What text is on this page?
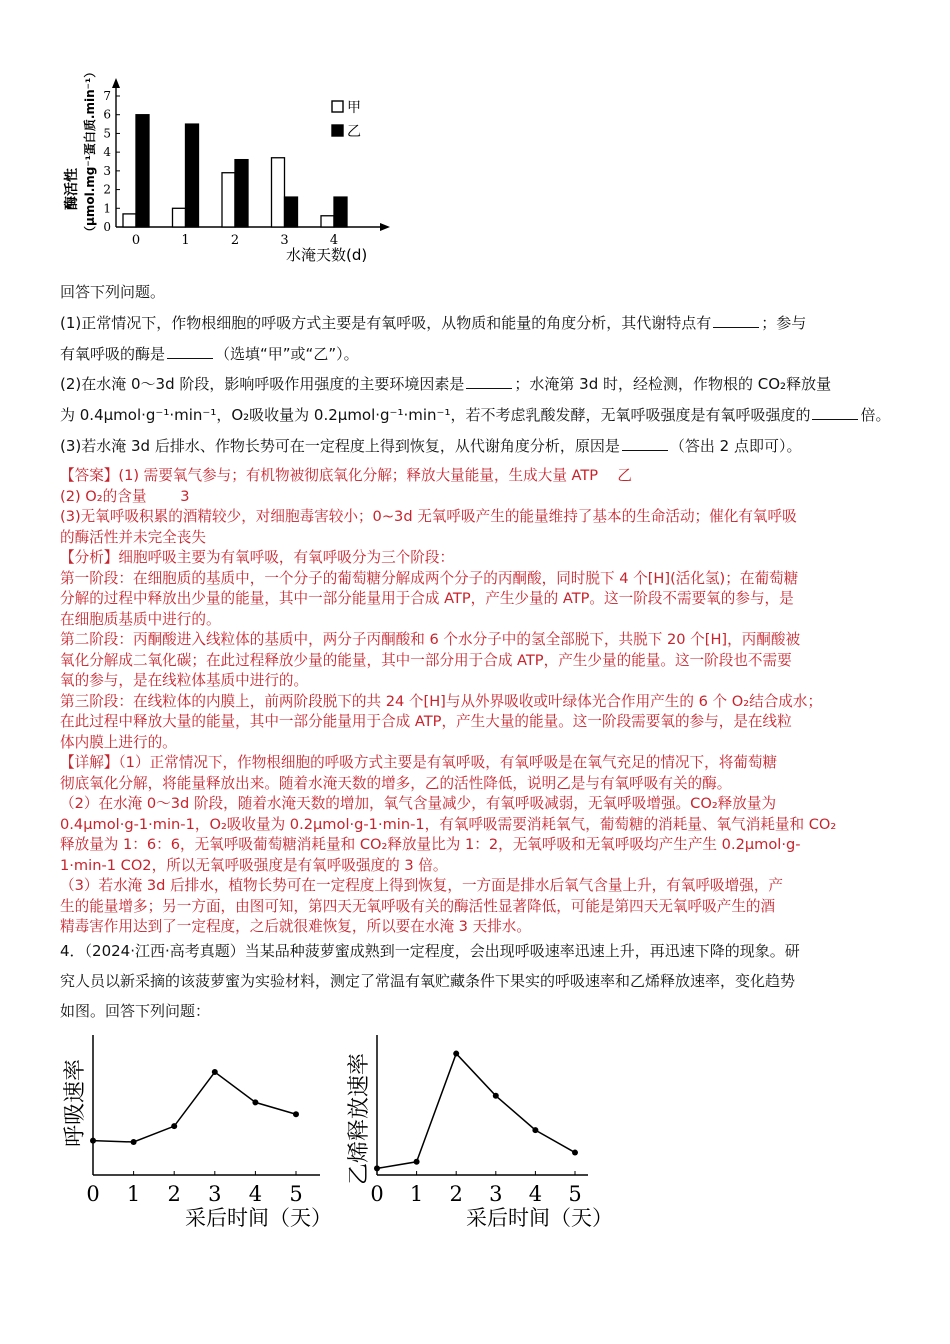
酶活性 （μmol.mg⁻¹蛋白质.min⁻¹） 0
1
2
3
4
5
6
7
0	1	2	3	4
水淹天数(d)
甲
乙
回答下列问题。
(1)正常情况下，作物根细胞的呼吸方式主要是有氧呼吸，从物质和能量的角度分析，其代谢特点有	；参与
有氧呼吸的酶是	（选填“甲”或“乙”）。
(2)在水淹 0～3d 阶段，影响呼吸作用强度的主要环境因素是	；水淹第 3d 时，经检测，作物根的 CO₂释放量
为 0.4μmol·g⁻¹·min⁻¹，O₂吸收量为 0.2μmol·g⁻¹·min⁻¹，若不考虑乳酸发酵，无氧呼吸强度是有氧呼吸强度的	倍。
(3)若水淹 3d 后排水、作物长势可在一定程度上得到恢复，从代谢角度分析，原因是	（答出 2 点即可）。
【答案】(1) 需要氧气参与；有机物被彻底氧化分解；释放大量能量，生成大量 ATP　 乙
(2) O₂的含量　　 3
(3)无氧呼吸积累的酒精较少，对细胞毒害较小；0~3d 无氧呼吸产生的能量维持了基本的生命活动；催化有氧呼吸
的酶活性并未完全丧失
【分析】细胞呼吸主要为有氧呼吸，有氧呼吸分为三个阶段：
第一阶段：在细胞质的基质中，一个分子的葡萄糖分解成两个分子的丙酮酸，同时脱下 4 个[H](活化氢)；在葡萄糖
分解的过程中释放出少量的能量，其中一部分能量用于合成 ATP，产生少量的 ATP。这一阶段不需要氧的参与，是
在细胞质基质中进行的。
第二阶段：丙酮酸进入线粒体的基质中，两分子丙酮酸和 6 个水分子中的氢全部脱下，共脱下 20 个[H]，丙酮酸被
氧化分解成二氧化碳；在此过程释放少量的能量，其中一部分用于合成 ATP，产生少量的能量。这一阶段也不需要
氧的参与，是在线粒体基质中进行的。
第三阶段：在线粒体的内膜上，前两阶段脱下的共 24 个[H]与从外界吸收或叶绿体光合作用产生的 6 个 O₂结合成水；
在此过程中释放大量的能量，其中一部分能量用于合成 ATP，产生大量的能量。这一阶段需要氧的参与，是在线粒
体内膜上进行的。
【详解】（1）正常情况下，作物根细胞的呼吸方式主要是有氧呼吸，有氧呼吸是在氧气充足的情况下，将葡萄糖
彻底氧化分解，将能量释放出来。随着水淹天数的增多，乙的活性降低，说明乙是与有氧呼吸有关的酶。
（2）在水淹 0～3d 阶段，随着水淹天数的增加，氧气含量减少，有氧呼吸减弱，无氧呼吸增强。CO₂释放量为
0.4μmol·g-1·min-1，O₂吸收量为 0.2μmol·g-1·min-1，有氧呼吸需要消耗氧气，葡萄糖的消耗量、氧气消耗量和 CO₂
释放量为 1：6：6，无氧呼吸葡萄糖消耗量和 CO₂释放量比为 1：2，无氧呼吸和无氧呼吸均产生产生 0.2μmol·g-
1·min-1 CO2，所以无氧呼吸强度是有氧呼吸强度的 3 倍。
（3）若水淹 3d 后排水，植物长势可在一定程度上得到恢复，一方面是排水后氧气含量上升，有氧呼吸增强，产
生的能量增多；另一方面，由图可知，第四天无氧呼吸有关的酶活性显著降低，可能是第四天无氧呼吸产生的酒
精毒害作用达到了一定程度，之后就很难恢复，所以要在水淹 3 天排水。
4．（2024·江西·高考真题）当某品种菠萝蜜成熟到一定程度，会出现呼吸速率迅速上升，再迅速下降的现象。研
究人员以新采摘的该菠萝蜜为实验材料，测定了常温有氧贮藏条件下果实的呼吸速率和乙烯释放速率，变化趋势
如图。回答下列问题：
呼吸速率
采后时间（天）
0 1 2 3 4 5
乙烯释放速率
采后时间（天）
0 1 2 3 4 5
